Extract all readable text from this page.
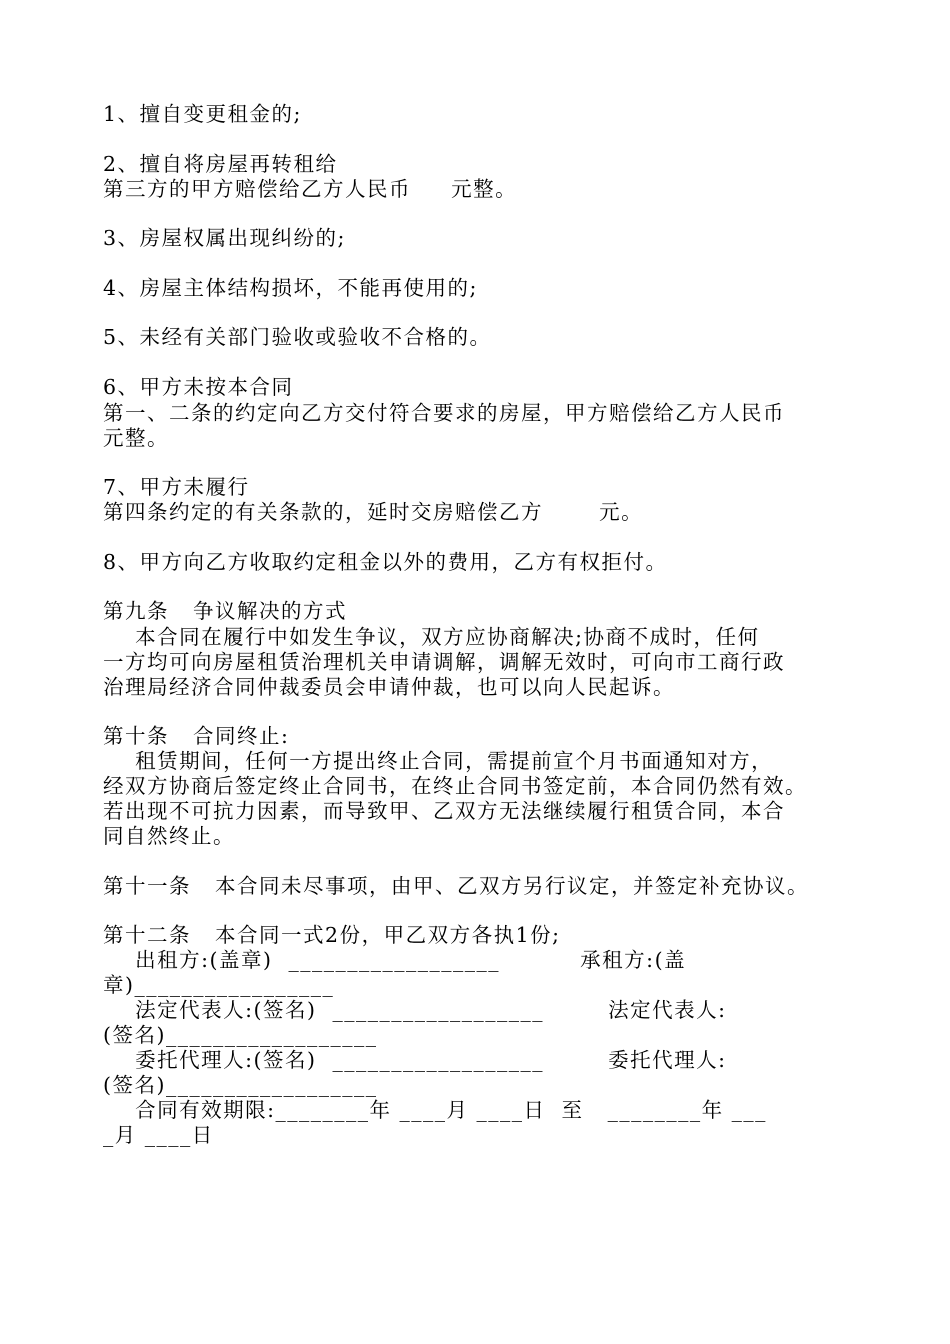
1、擅自变更租金的;
2、擅自将房屋再转租给
第三方的甲方赔偿给乙方人民币     元整。
3、房屋权属出现纠纷的;
4、房屋主体结构损坏，不能再使用的;
5、未经有关部门验收或验收不合格的。
6、甲方未按本合同
第一、二条的约定向乙方交付符合要求的房屋，甲方赔偿给乙方人民币
元整。
7、甲方未履行
第四条约定的有关条款的，延时交房赔偿乙方       元。
8、甲方向乙方收取约定租金以外的费用，乙方有权拒付。
第九条   争议解决的方式
本合同在履行中如发生争议，双方应协商解决;协商不成时，任何
一方均可向房屋租赁治理机关申请调解，调解无效时，可向市工商行政
治理局经济合同仲裁委员会申请仲裁，也可以向人民起诉。
第十条   合同终止:
租赁期间，任何一方提出终止合同，需提前宣个月书面通知对方，
经双方协商后签定终止合同书，在终止合同书签定前，本合同仍然有效。
若出现不可抗力因素，而导致甲、乙双方无法继续履行租赁合同，本合
同自然终止。
第十一条   本合同未尽事项，由甲、乙双方另行议定，并签定补充协议。
第十二条   本合同一式2份，甲乙双方各执1份;
出租方:(盖章)  __________________          承租方:(盖
章)_________________
法定代表人:(签名)  __________________        法定代表人:
(签名)__________________
委托代理人:(签名)  __________________        委托代理人:
(签名)__________________
合同有效期限:________年 ____月 ____日  至   ________年 ___
_月 ____日
